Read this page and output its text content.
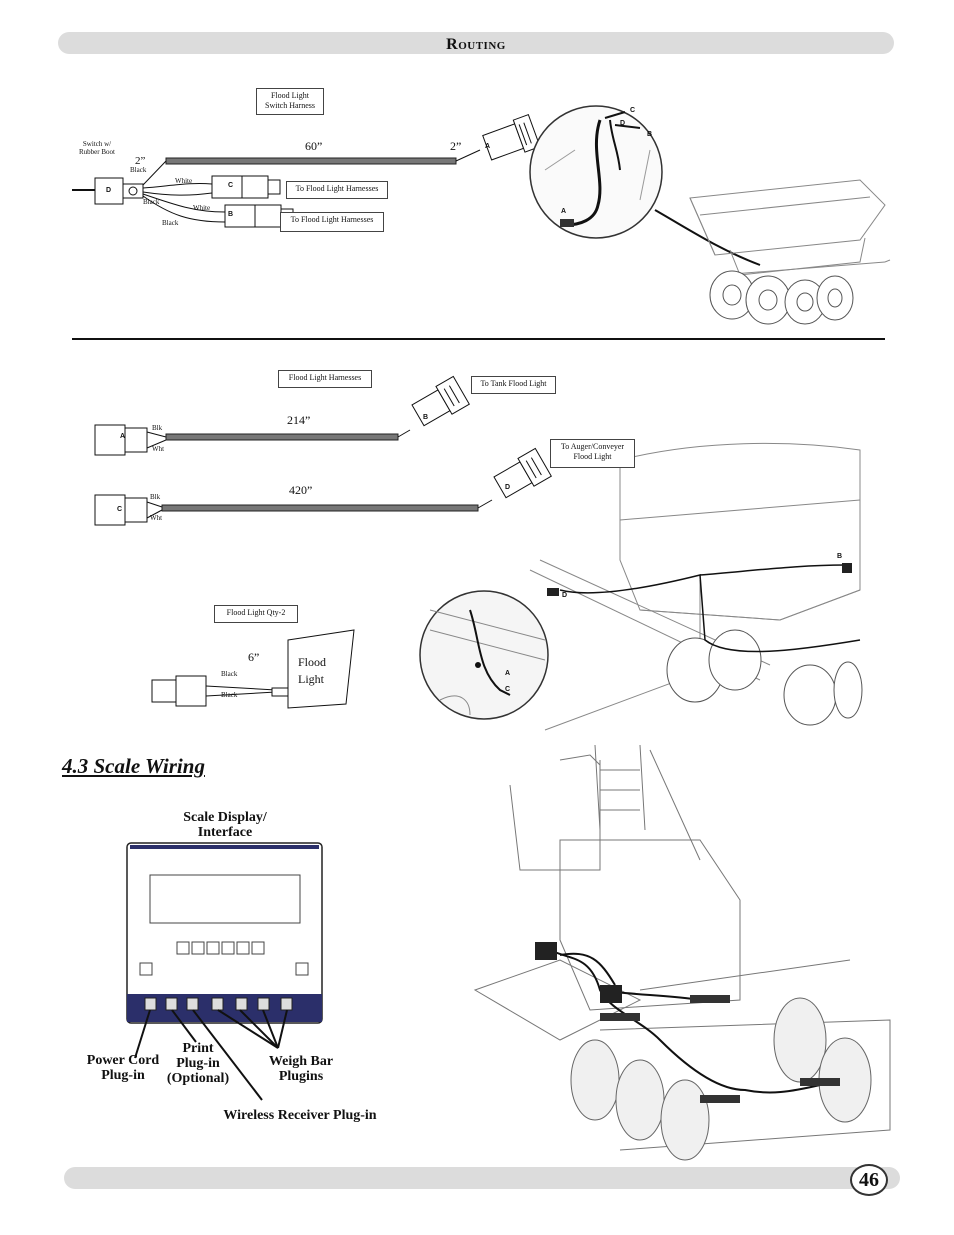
Routing
Flood Light
Switch Harness
Switch w/
Rubber Boot
2”
60”	2”
Black
White
Black
White
Black
D
C
B
A
To Flood Light Harnesses
To Flood Light Harnesses
C
D
B
A
Flood Light Harnesses
To Tank Flood Light
To Auger/Conveyer
Flood Light
214”
420”
Blk
Wht
Blk
Wht
A
C
B
D
Flood Light Qty-2
6”
Black
Black
Flood
Light
B
D
A
C
4.3 Scale Wiring
Scale Display/
Interface
Power Cord
Plug-in
Print
Plug-in
(Optional)
Weigh Bar
Plugins
Wireless Receiver Plug-in
46
